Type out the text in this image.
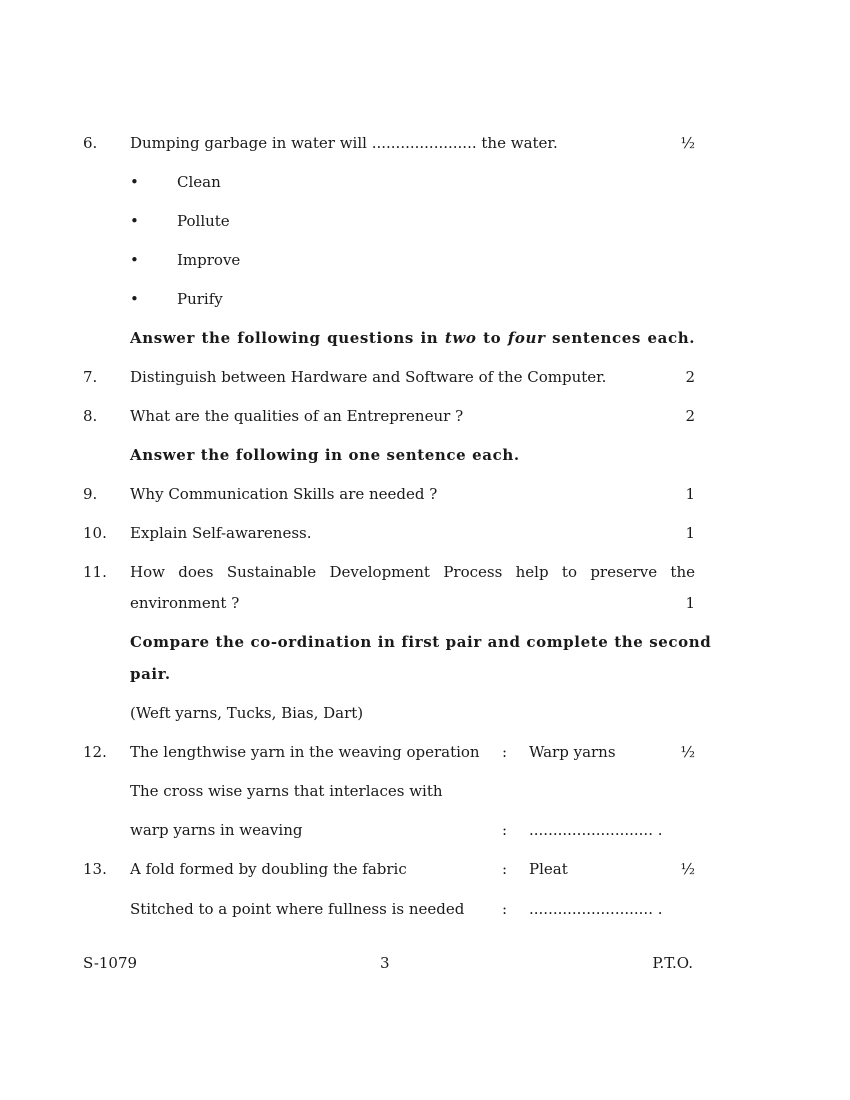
6. Dumping garbage in water will ...................... the water.	½
•	Clean
•	Pollute
•	Improve
•	Purify
Answer the following questions in two to four sentences each.
7. Distinguish between Hardware and Software of the Computer.	2
8. What are the qualities of an Entrepreneur ?	2
Answer the following in one sentence each.
9. Why Communication Skills are needed ?	1
10. Explain Self-awareness.	1
11. How does Sustainable Development Process help to preserve the
environment ?	1
Compare the co-ordination in first pair and complete the second
pair.
(Weft yarns, Tucks, Bias, Dart)
12. The lengthwise yarn in the weaving operation : Warp yarns	½
The cross wise yarns that interlaces with
warp yarns in weaving	: .......................... .
13. A fold formed by doubling the fabric	: Pleat	½
Stitched to a point where fullness is needed	: .......................... .
S-1079	3	P.T.O.
